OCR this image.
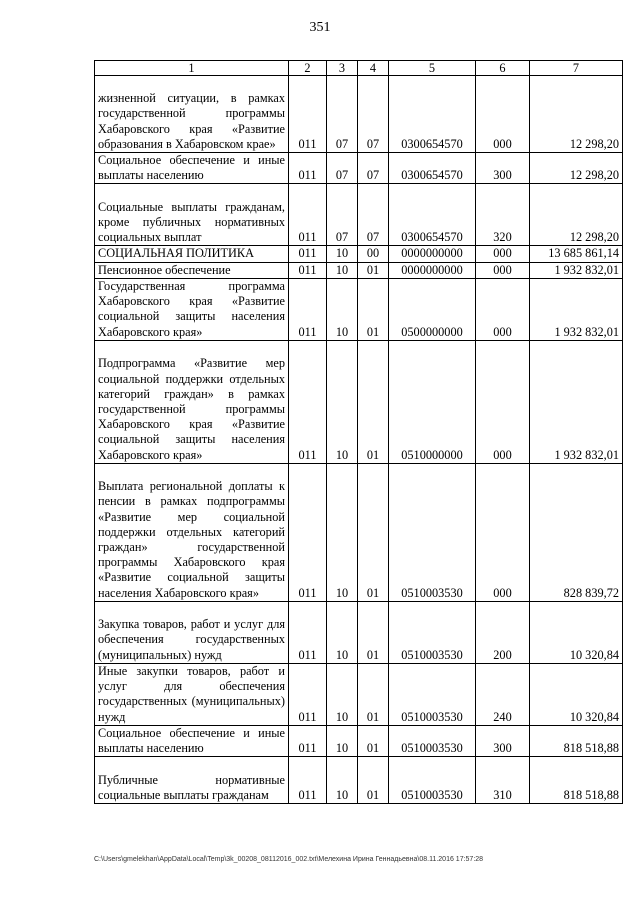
351
1	2	3	4	5	6	7
жизненной ситуации, в рамках государственной программы Хабаровского края «Развитие образования в Хабаровском крае»	011	07	07	0300654570	000	12 298,20
Социальное обеспечение и иные выплаты населению	011	07	07	0300654570	300	12 298,20
Социальные выплаты гражданам, кроме публичных нормативных социальных выплат	011	07	07	0300654570	320	12 298,20
СОЦИАЛЬНАЯ ПОЛИТИКА	011	10	00	0000000000	000	13 685 861,14
Пенсионное обеспечение	011	10	01	0000000000	000	1 932 832,01
Государственная программа Хабаровского края «Развитие социальной защиты населения Хабаровского края»	011	10	01	0500000000	000	1 932 832,01
Подпрограмма «Развитие мер социальной поддержки отдельных категорий граждан» в рамках государственной программы Хабаровского края «Развитие социальной защиты населения Хабаровского края»	011	10	01	0510000000	000	1 932 832,01
Выплата региональной доплаты к пенсии в рамках подпрограммы «Развитие мер социальной поддержки отдельных категорий граждан» государственной программы Хабаровского края «Развитие социальной защиты населения Хабаровского края»	011	10	01	0510003530	000	828 839,72
Закупка товаров, работ и услуг для обеспечения государственных (муниципальных) нужд	011	10	01	0510003530	200	10 320,84
Иные закупки товаров, работ и услуг для обеспечения государственных (муниципальных) нужд	011	10	01	0510003530	240	10 320,84
Социальное обеспечение и иные выплаты населению	011	10	01	0510003530	300	818 518,88
Публичные нормативные социальные выплаты гражданам	011	10	01	0510003530	310	818 518,88
C:\Users\gmelekhan\AppData\Local\Temp\3k_00208_08112016_002.txt\Мелехина Ирина Геннадьевна\08.11.2016 17:57:28
